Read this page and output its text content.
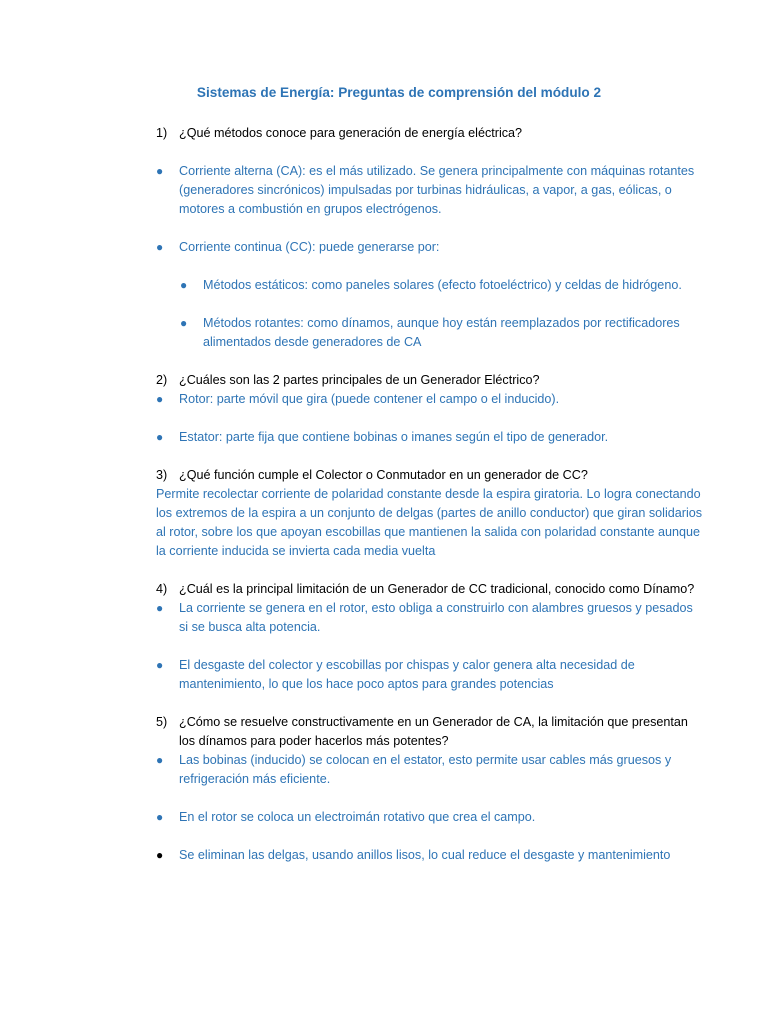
Sistemas de Energía: Preguntas de comprensión del módulo 2
1) ¿Qué métodos conoce para generación de energía eléctrica?
●	Corriente alterna (CA): es el más utilizado. Se genera principalmente con máquinas rotantes (generadores sincrónicos) impulsadas por turbinas hidráulicas, a vapor, a gas, eólicas, o motores a combustión en grupos electrógenos.
●	Corriente continua (CC): puede generarse por:
●	Métodos estáticos: como paneles solares (efecto fotoeléctrico) y celdas de hidrógeno.
●	Métodos rotantes: como dínamos, aunque hoy están reemplazados por rectificadores alimentados desde generadores de CA
2) ¿Cuáles son las 2 partes principales de un Generador Eléctrico?
●	Rotor: parte móvil que gira (puede contener el campo o el inducido).
●	Estator: parte fija que contiene bobinas o imanes según el tipo de generador.
3) ¿Qué función cumple el Colector o Conmutador en un generador de CC?
Permite recolectar corriente de polaridad constante desde la espira giratoria. Lo logra conectando los extremos de la espira a un conjunto de delgas (partes de anillo conductor) que giran solidarios al rotor, sobre los que apoyan escobillas que mantienen la salida con polaridad constante aunque la corriente inducida se invierta cada media vuelta
4) ¿Cuál es la principal limitación de un Generador de CC tradicional, conocido como Dínamo?
●	La corriente se genera en el rotor, esto obliga a construirlo con alambres gruesos y pesados si se busca alta potencia.
●	El desgaste del colector y escobillas por chispas y calor genera alta necesidad de mantenimiento, lo que los hace poco aptos para grandes potencias
5) ¿Cómo se resuelve constructivamente en un Generador de CA, la limitación que presentan los dínamos para poder hacerlos más potentes?
●	Las bobinas (inducido) se colocan en el estator, esto permite usar cables más gruesos y refrigeración más eficiente.
●	En el rotor se coloca un electroimán rotativo que crea el campo.
●	Se eliminan las delgas, usando anillos lisos, lo cual reduce el desgaste y mantenimiento
